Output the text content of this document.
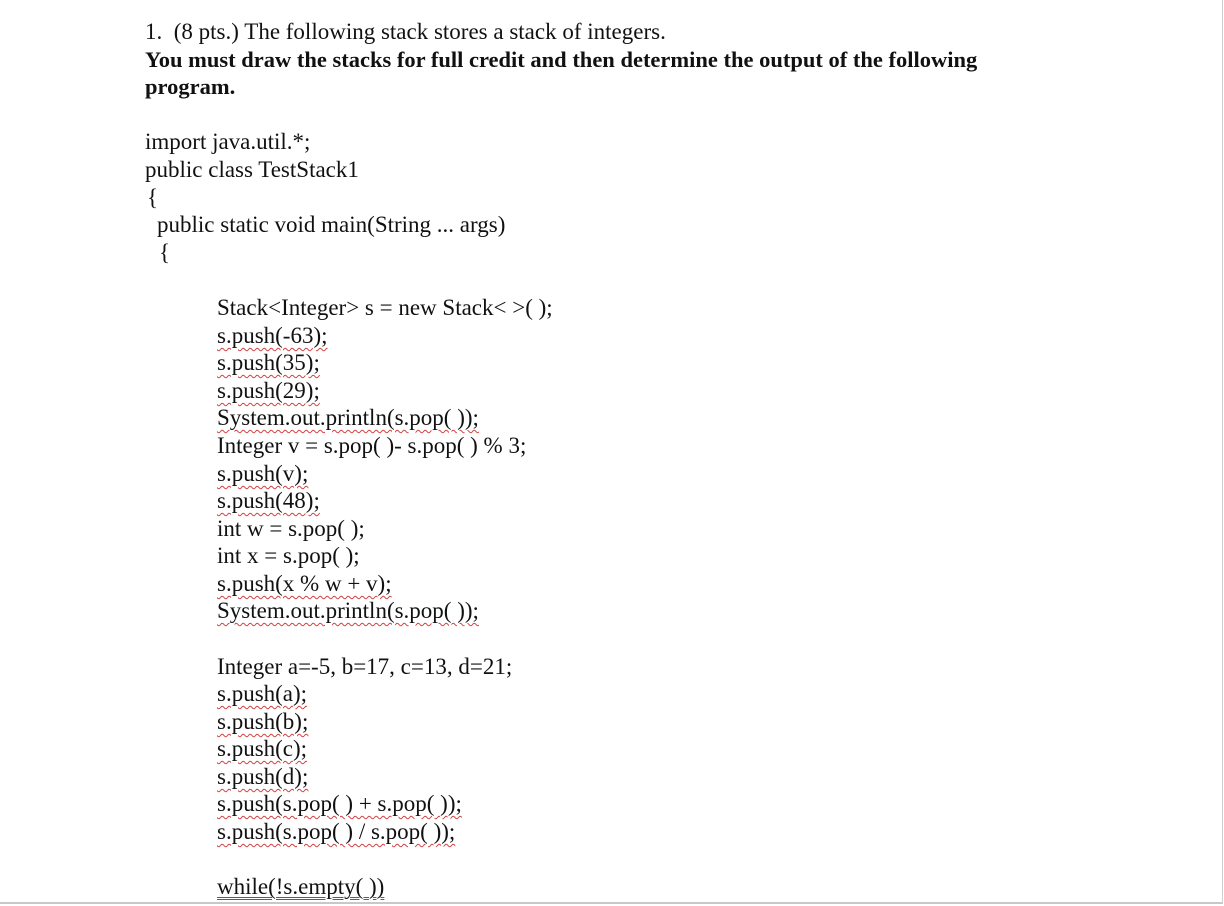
1. (8 pts.) The following stack stores a stack of integers.
You must draw the stacks for full credit and then determine the output of the following
program.
import java.util.*;
public class TestStack1
{
public static void main(String ... args)
{
Stack<Integer> s = new Stack< >( );
s.push(-63);
s.push(35);
s.push(29);
System.out.println(s.pop( ));
Integer v = s.pop( )- s.pop( ) % 3;
s.push(v);
s.push(48);
int w = s.pop( );
int x = s.pop( );
s.push(x % w + v);
System.out.println(s.pop( ));
Integer a=-5, b=17, c=13, d=21;
s.push(a);
s.push(b);
s.push(c);
s.push(d);
s.push(s.pop( ) + s.pop( ));
s.push(s.pop( ) / s.pop( ));
while(!s.empty( ))
